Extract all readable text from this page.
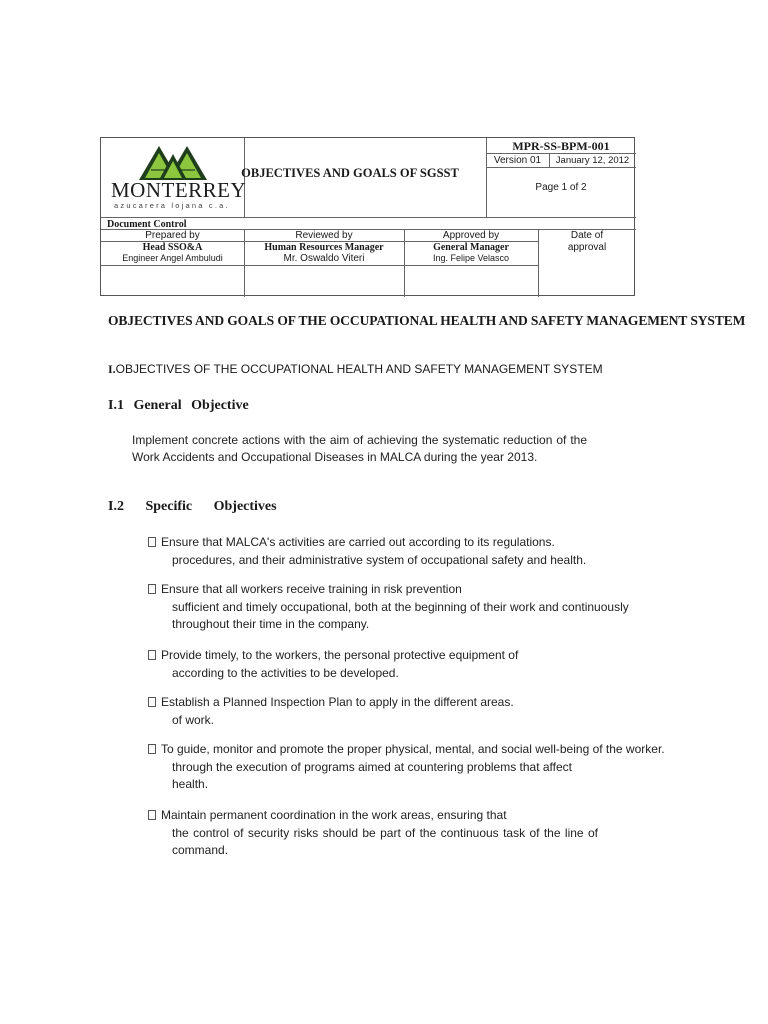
MONTERREY
azucarera lojana c.a.
MPR-SS-BPM-001
Version 01	January 12, 2012
Page 1 of 2
Document Control
Prepared by
Head SSO&A
Engineer Angel Ambuludi
Reviewed by
Human Resources Manager
Mr. Oswaldo Viteri
Approved by
General Manager
Ing. Felipe Velasco
Date of
approval
OBJECTIVES AND GOALS OF SGSST
OBJECTIVES AND GOALS OF THE OCCUPATIONAL HEALTH AND SAFETY MANAGEMENT SYSTEM
I.OBJECTIVES OF THE OCCUPATIONAL HEALTH AND SAFETY MANAGEMENT SYSTEM
I.1 General Objective
Implement concrete actions with the aim of achieving the systematic reduction of the
Work Accidents and Occupational Diseases in MALCA during the year 2013.
I.2 Specific Objectives
Ensure that MALCA's activities are carried out according to its regulations.
procedures, and their administrative system of occupational safety and health.
Ensure that all workers receive training in risk prevention
sufficient and timely occupational, both at the beginning of their work and continuously
throughout their time in the company.
Provide timely, to the workers, the personal protective equipment of
according to the activities to be developed.
Establish a Planned Inspection Plan to apply in the different areas.
of work.
To guide, monitor and promote the proper physical, mental, and social well-being of the worker.
through the execution of programs aimed at countering problems that affect
health.
Maintain permanent coordination in the work areas, ensuring that
the control of security risks should be part of the continuous task of the line of
command.
